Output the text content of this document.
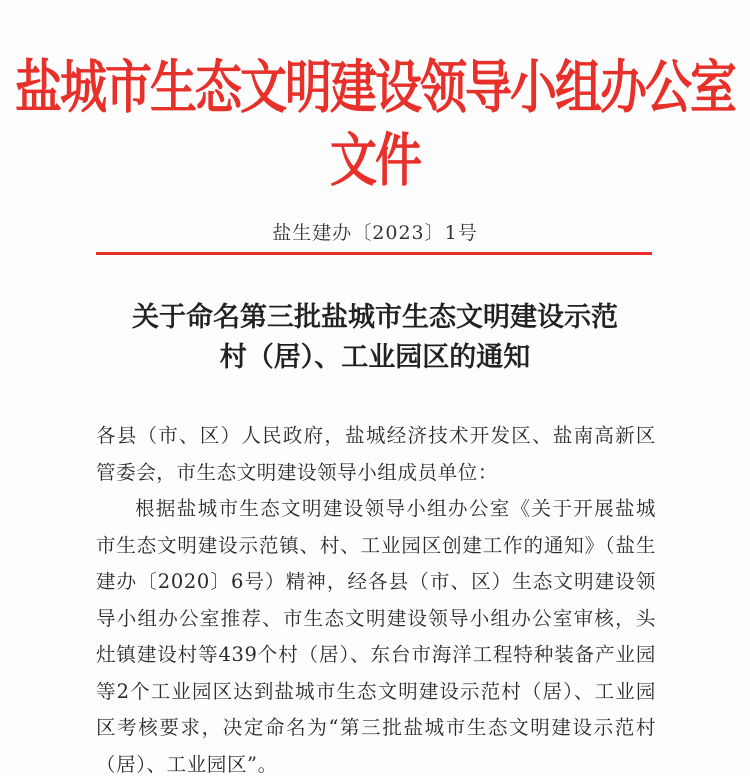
盐城市生态文明建设领导小组办公室文件
盐生建办〔2023〕1号
关于命名第三批盐城市生态文明建设示范
村（居）、工业园区的通知

各县（市、区）人民政府，盐城经济技术开发区、盐南高新区管委会，市生态文明建设领导小组成员单位：

根据盐城市生态文明建设领导小组办公室《关于开展盐城市生态文明建设示范镇、村、工业园区创建工作的通知》（盐生建办〔2020〕6号）精神，经各县（市、区）生态文明建设领导小组办公室推荐、市生态文明建设领导小组办公室审核，头灶镇建设村等439个村（居）、东台市海洋工程特种装备产业园等2个工业园区达到盐城市生态文明建设示范村（居）、工业园区考核要求，决定命名为“第三批盐城市生态文明建设示范村（居）、工业园区”。
